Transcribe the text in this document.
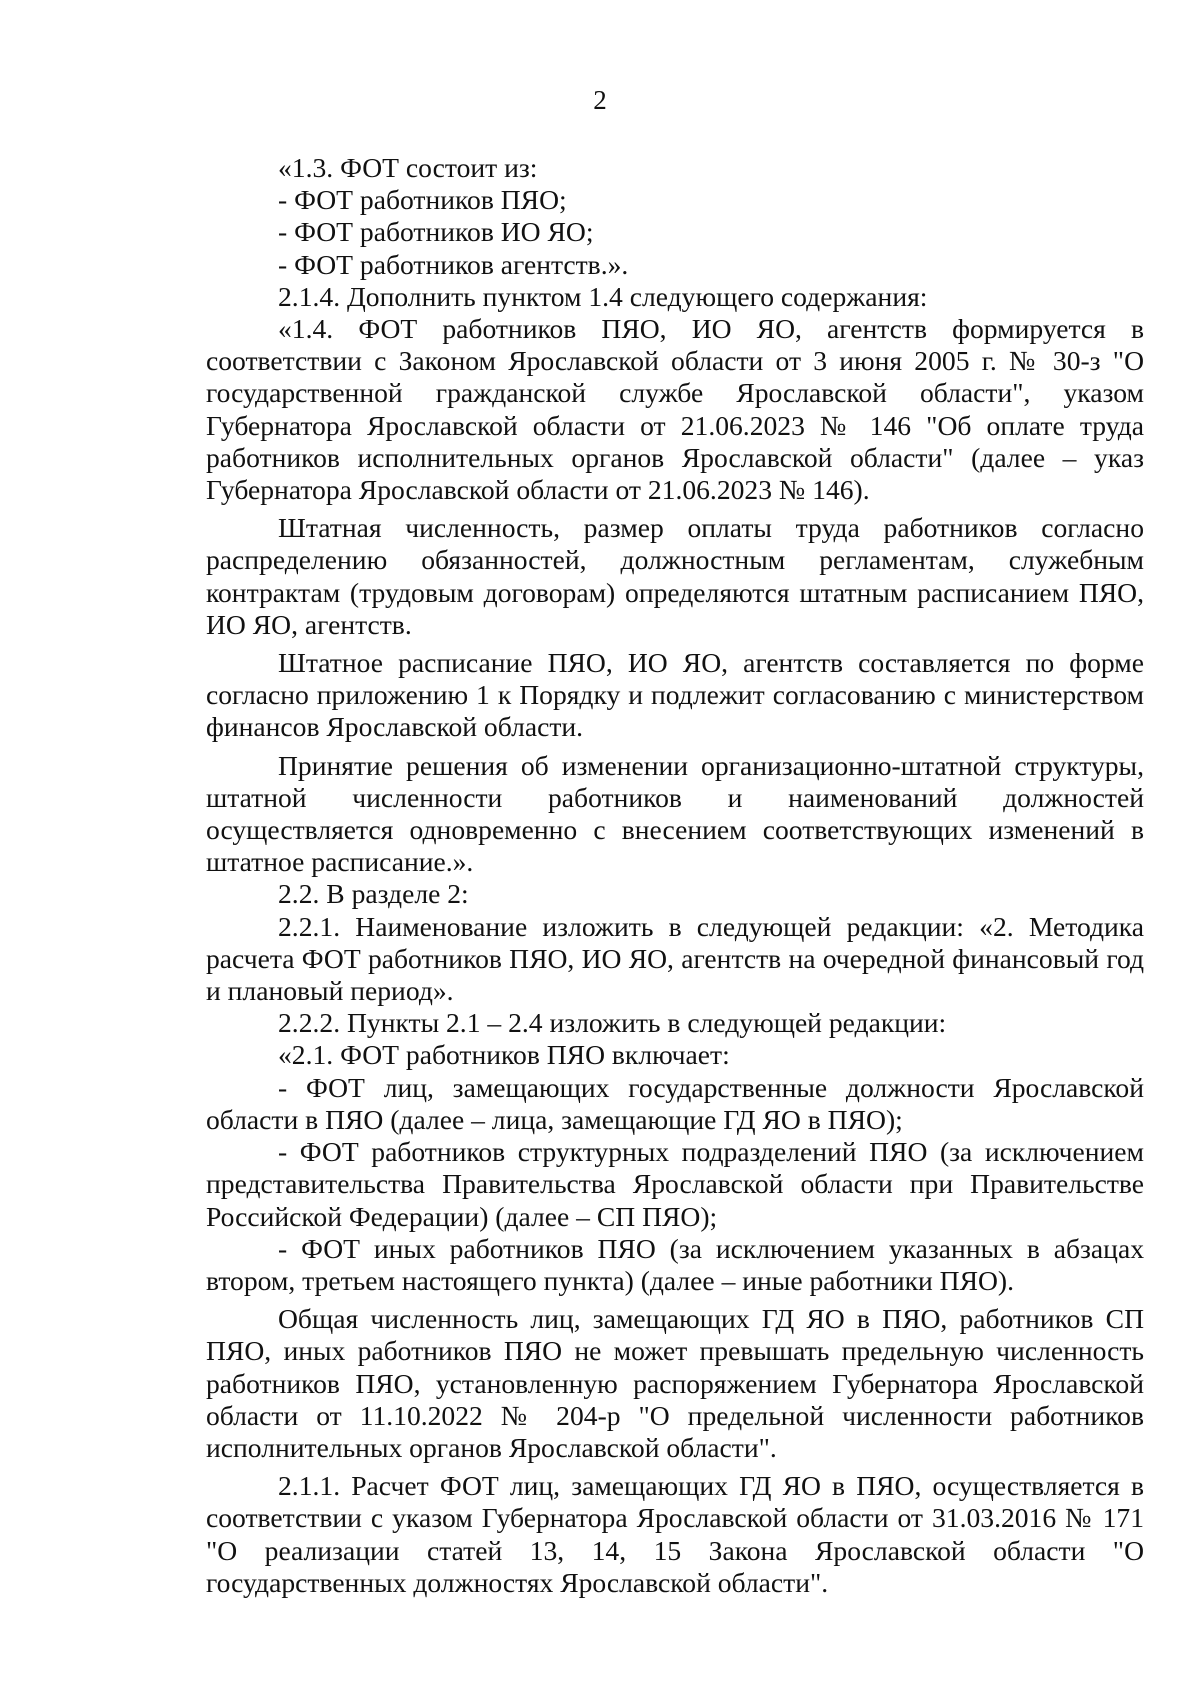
2

«1.3. ФОТ состоит из:

- ФОТ работников ПЯО;

- ФОТ работников ИО ЯО;

- ФОТ работников агентств.».

2.1.4. Дополнить пунктом 1.4 следующего содержания:

«1.4. ФОТ работников ПЯО, ИО ЯО, агентств формируется в соответствии с Законом Ярославской области от 3 июня 2005 г. № 30-з "О государственной гражданской службе Ярославской области", указом Губернатора Ярославской области от 21.06.2023 № 146 "Об оплате труда работников исполнительных органов Ярославской области" (далее – указ Губернатора Ярославской области от 21.06.2023 № 146).

Штатная численность, размер оплаты труда работников согласно распределению обязанностей, должностным регламентам, служебным контрактам (трудовым договорам) определяются штатным расписанием ПЯО, ИО ЯО, агентств.

Штатное расписание ПЯО, ИО ЯО, агентств составляется по форме согласно приложению 1 к Порядку и подлежит согласованию с министерством финансов Ярославской области.

Принятие решения об изменении организационно-штатной структуры, штатной численности работников и наименований должностей осуществляется одновременно с внесением соответствующих изменений в штатное расписание.».

2.2. В разделе 2:

2.2.1. Наименование изложить в следующей редакции: «2. Методика расчета ФОТ работников ПЯО, ИО ЯО, агентств на очередной финансовый год и плановый период».

2.2.2. Пункты 2.1 – 2.4 изложить в следующей редакции:

«2.1. ФОТ работников ПЯО включает:

- ФОТ лиц, замещающих государственные должности Ярославской области в ПЯО (далее – лица, замещающие ГД ЯО в ПЯО);

- ФОТ работников структурных подразделений ПЯО (за исключением представительства Правительства Ярославской области при Правительстве Российской Федерации) (далее – СП ПЯО);

- ФОТ иных работников ПЯО (за исключением указанных в абзацах втором, третьем настоящего пункта) (далее – иные работники ПЯО).

Общая численность лиц, замещающих ГД ЯО в ПЯО, работников СП ПЯО, иных работников ПЯО не может превышать предельную численность работников ПЯО, установленную распоряжением Губернатора Ярославской области от 11.10.2022 № 204-р "О предельной численности работников исполнительных органов Ярославской области".

2.1.1. Расчет ФОТ лиц, замещающих ГД ЯО в ПЯО, осуществляется в соответствии с указом Губернатора Ярославской области от 31.03.2016 № 171 "О реализации статей 13, 14, 15 Закона Ярославской области "О государственных должностях Ярославской области".
